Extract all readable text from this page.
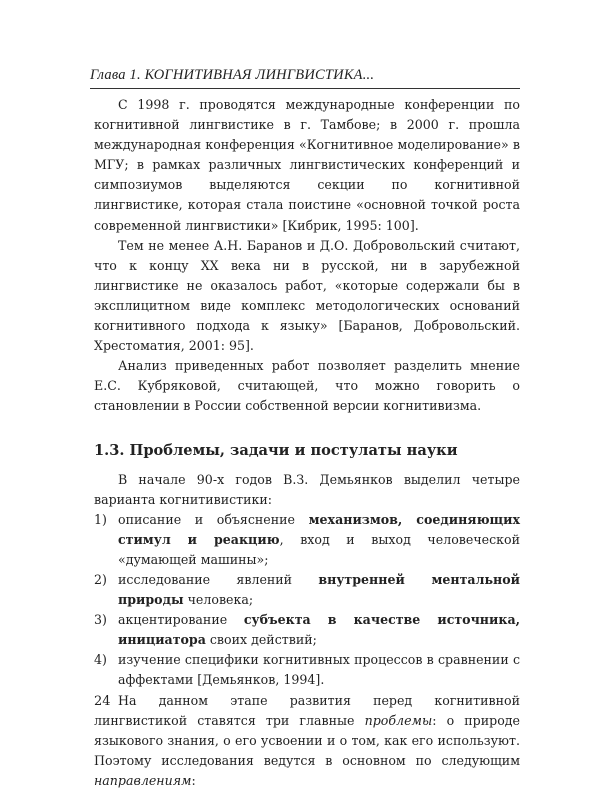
Глава 1. КОГНИТИВНАЯ ЛИНГВИСТИКА...

С 1998 г. проводятся международные конференции по когнитивной лингвистике в г. Тамбове; в 2000 г. прошла международная конференция «Когнитивное моделирование» в МГУ; в рамках различных лингвистических конференций и симпозиумов выделяются секции по когнитивной лингвистике, которая стала поистине «основной точкой роста современной лингвистики» [Кибрик, 1995: 100].

Тем не менее А.Н. Баранов и Д.О. Добровольский считают, что к концу XX века ни в русской, ни в зарубежной лингвистике не оказалось работ, «которые содержали бы в эксплицитном виде комплекс методологических оснований когнитивного подхода к языку» [Баранов, Добровольский. Хрестоматия, 2001: 95].

Анализ приведенных работ позволяет разделить мнение Е.С. Кубряковой, считающей, что можно говорить о становлении в России собственной версии когнитивизма.

1.3. Проблемы, задачи и постулаты науки

В начале 90-х годов В.З. Демьянков выделил четыре варианта когнитивистики:

1) описание и объяснение механизмов, соединяющих стимул и реакцию, вход и выход человеческой «думающей машины»;
2) исследование явлений внутренней ментальной природы человека;
3) акцентирование субъекта в качестве источника, инициатора своих действий;
4) изучение специфики когнитивных процессов в сравнении с аффектами [Демьянков, 1994].

На данном этапе развития перед когнитивной лингвистикой ставятся три главные проблемы: о природе языкового знания, о его усвоении и о том, как его используют. Поэтому исследования ведутся в основном по следующим направлениям:

24
